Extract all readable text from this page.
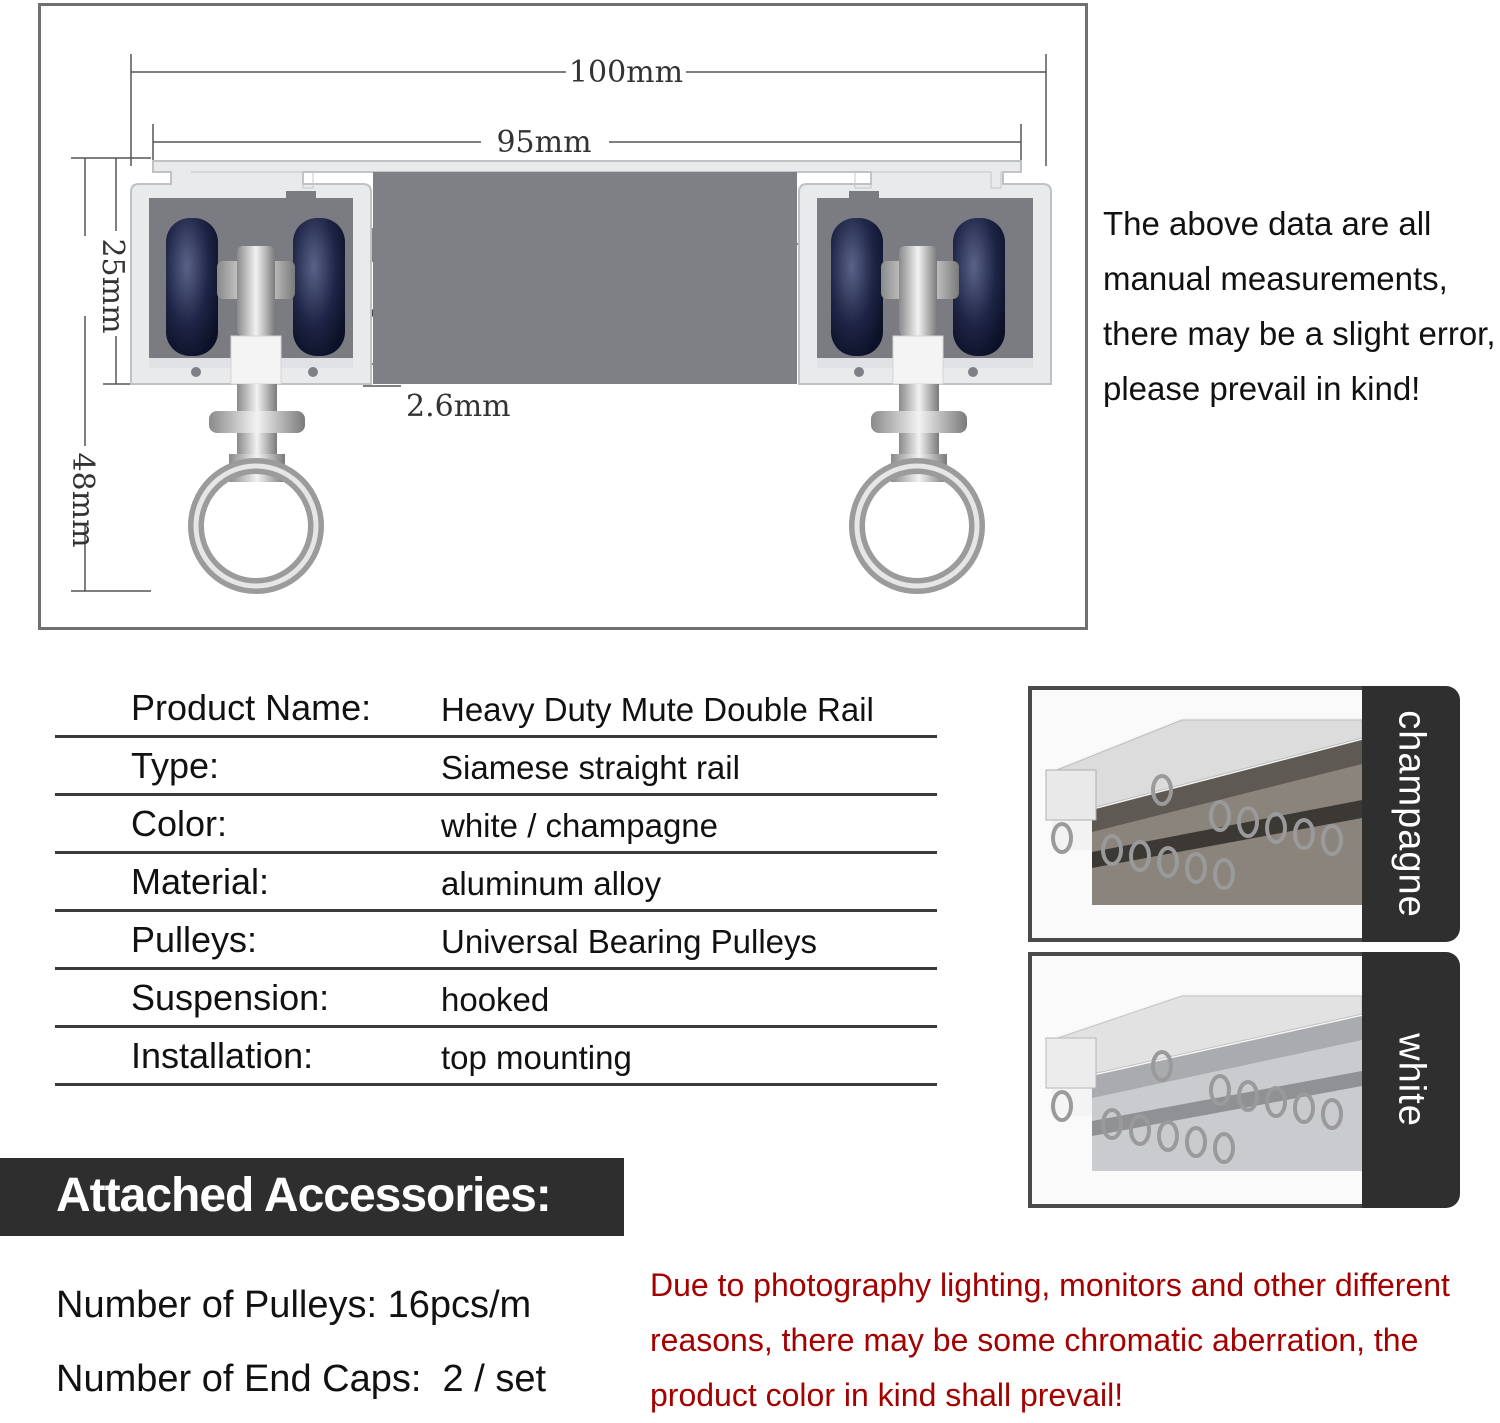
100mm
95mm
2.6mm
25mm
48mm
The above data are all
manual measurements,
there may be a slight error,
please prevail in kind!
Product Name: Heavy Duty Mute Double Rail
Type:	Siamese straight rail
Color:	white / champagne
Material:	aluminum alloy
Pulleys:	Universal Bearing Pulleys
Suspension:	hooked
Installation:	top mounting
champagne
white
Attached Accessories:
Number of Pulleys: 16pcs/m
Number of End Caps:  2 / set
Due to photography lighting, monitors and other different reasons, there may be some chromatic aberration, the product color in kind shall prevail!
